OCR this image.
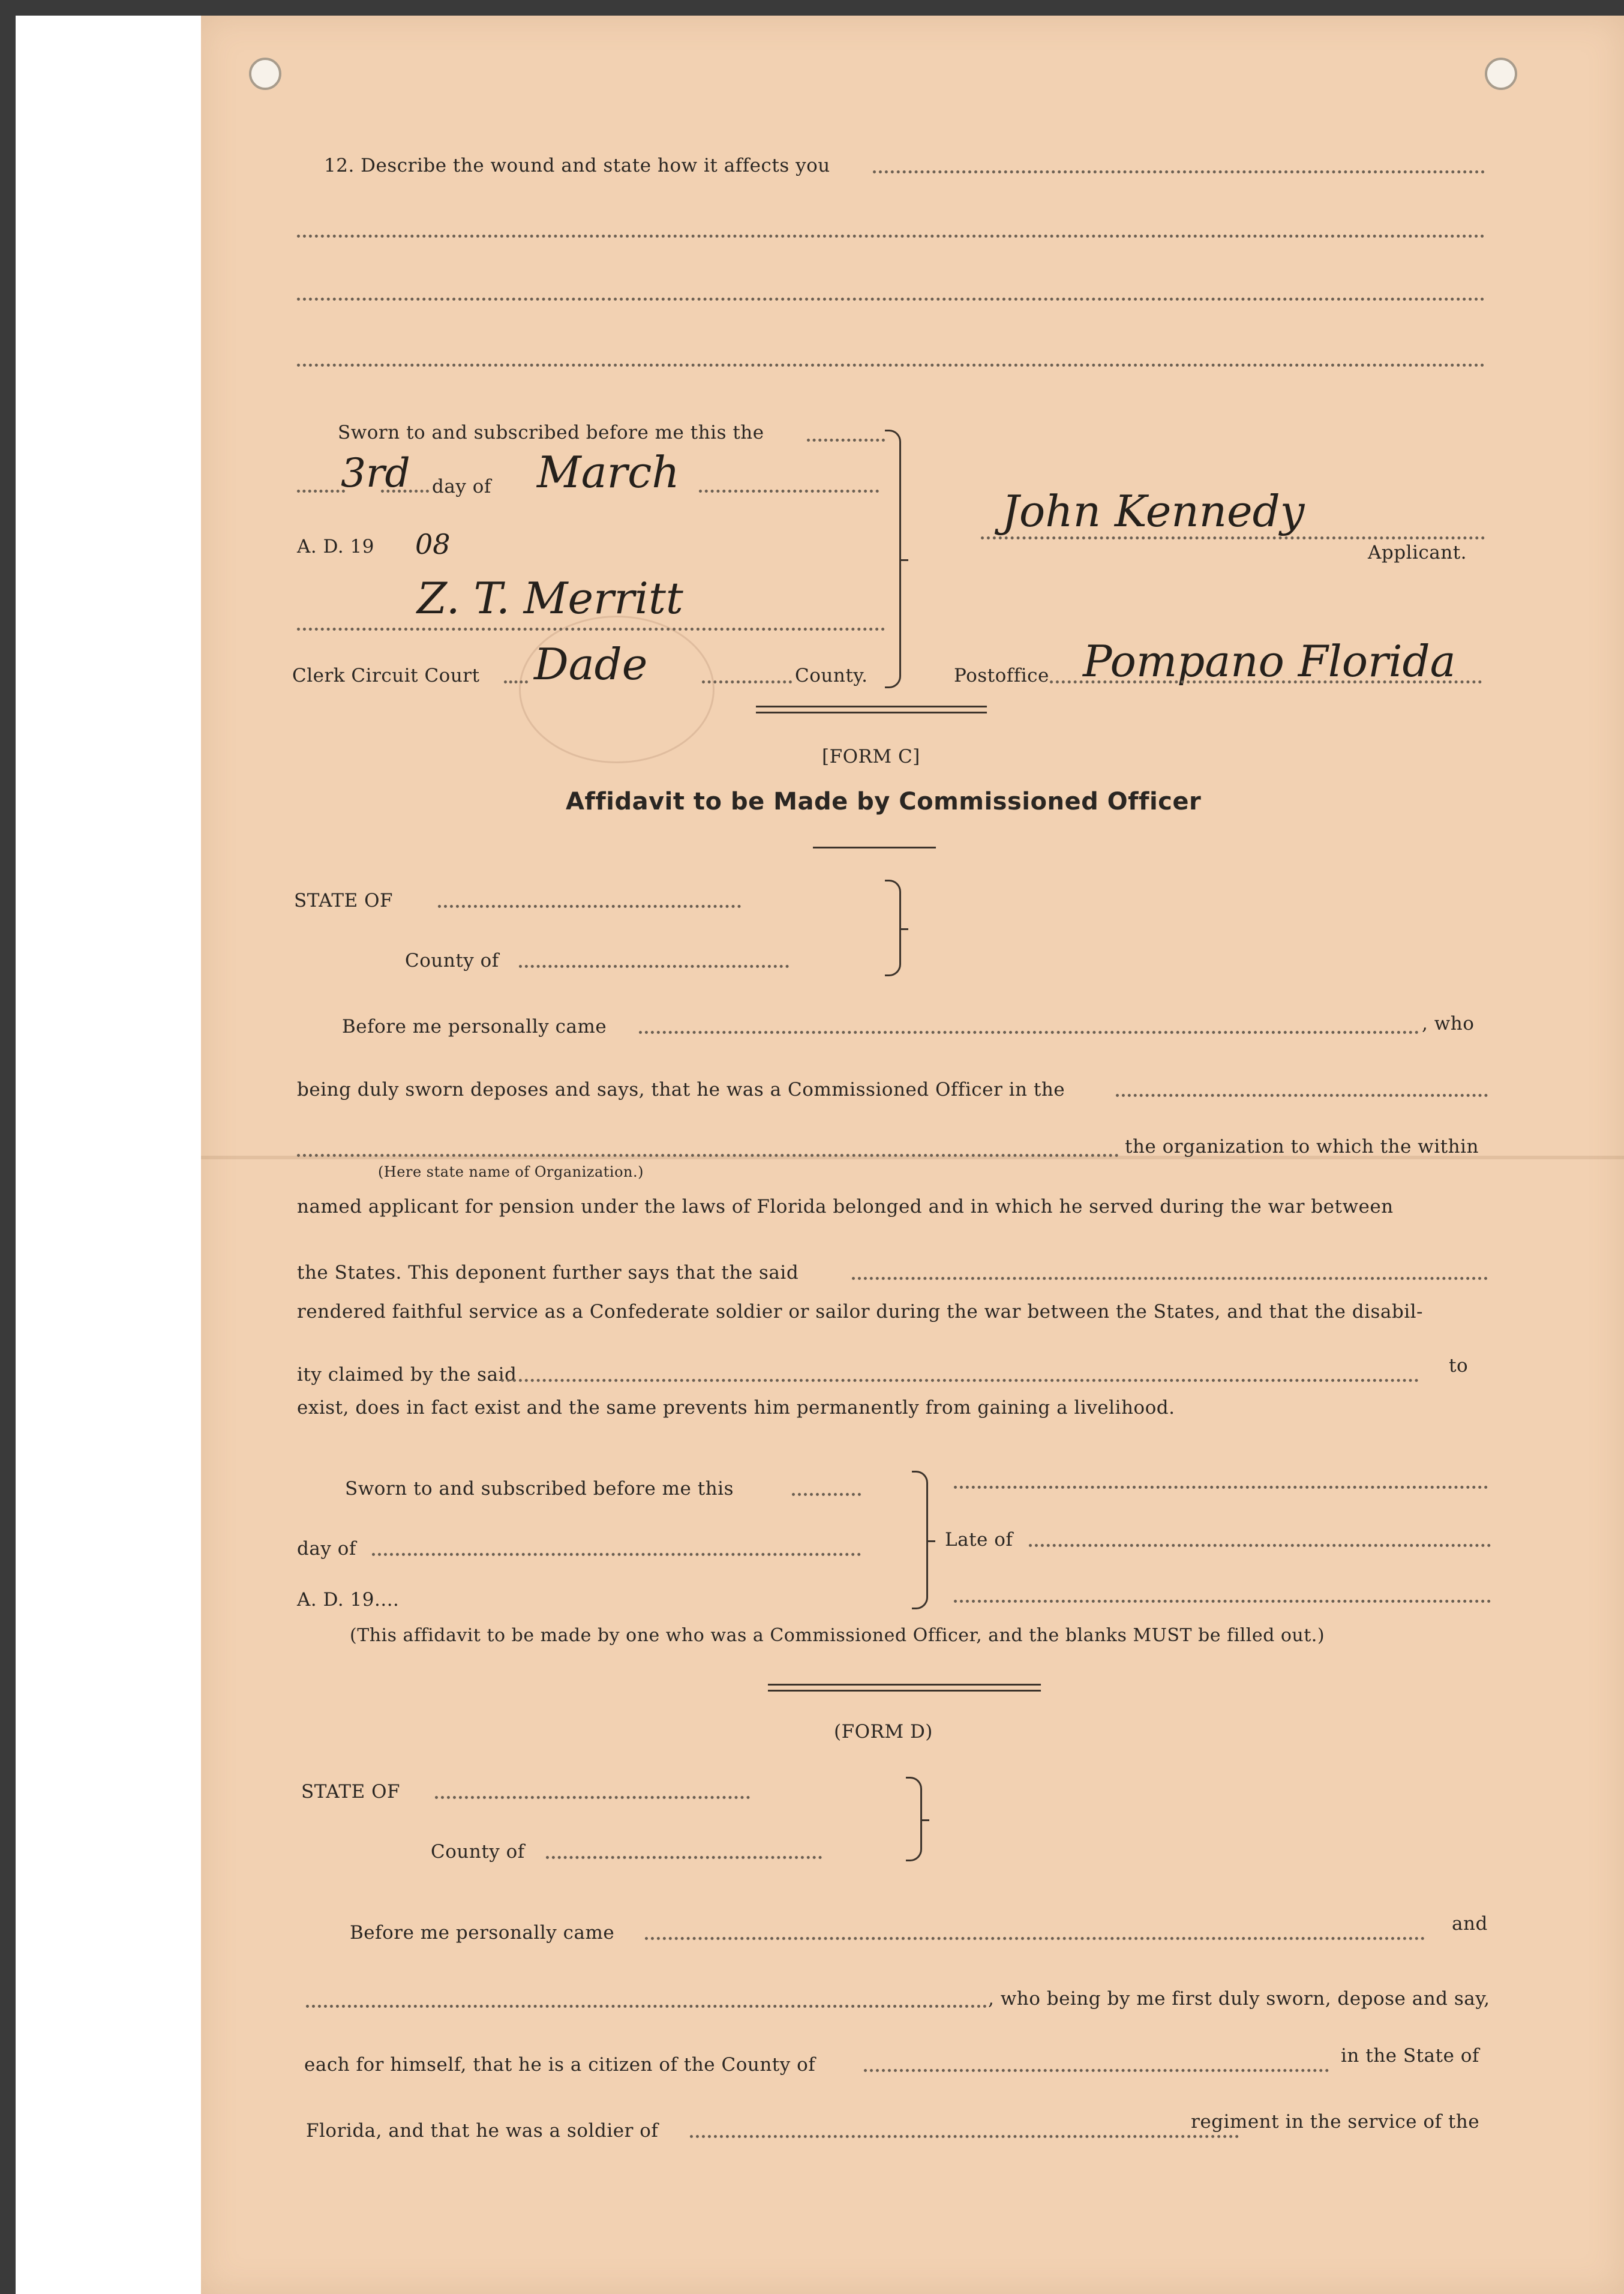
12. Describe the wound and state how it affects you
Sworn to and subscribed before me this the
3rd day of March
A. D. 19 08
Z. T. Merritt
Clerk Circuit Court Dade	County.
John Kennedy
Applicant.
Postoffice Pompano Florida
[FORM C]
Affidavit to be Made by Commissioned Officer
STATE OF
County of
Before me personally came	, who
being duly sworn deposes and says, that he was a Commissioned Officer in the
the organization to which the within
(Here state name of Organization.)
named applicant for pension under the laws of Florida belonged and in which he served during the war between
the States. This deponent further says that the said
rendered faithful service as a Confederate soldier or sailor during the war between the States, and that the disabil-
ity claimed by the said	to
exist, does in fact exist and the same prevents him permanently from gaining a livelihood.
Sworn to and subscribed before me this
day of
A. D. 19....
Late of
(This affidavit to be made by one who was a Commissioned Officer, and the blanks MUST be filled out.)
(FORM D)
STATE OF
County of
Before me personally came	and
, who being by me first duly sworn, depose and say,
each for himself, that he is a citizen of the County of	in the State of
Florida, and that he was a soldier of	regiment in the service of the
